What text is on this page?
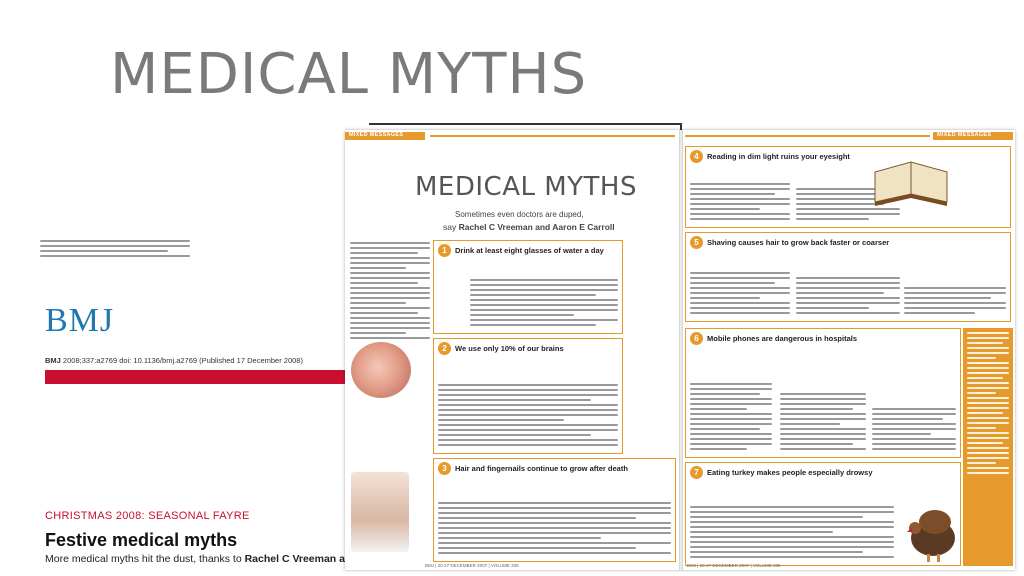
MEDICAL MYTHS
BMJ
BMJ 2008;337:a2769 doi: 10.1136/bmj.a2769 (Published 17 December 2008)
CHRISTMAS 2008: SEASONAL FAYRE
Festive medical myths
More medical myths hit the dust, thanks to Rachel C Vreeman a
MIXED MESSAGES
MEDICAL MYTHS
Sometimes even doctors are duped,
say Rachel C Vreeman and Aaron E Carroll
1	Drink at least eight glasses of water a day
2	We use only 10% of our brains
3	Hair and fingernails continue to grow after death
BMJ | 20-27 DECEMBER 2007 | VOLUME 335
MIXED MESSAGES
4	Reading in dim light ruins your eyesight
5	Shaving causes hair to grow back faster or coarser
6	Mobile phones are dangerous in hospitals
7	Eating turkey makes people especially drowsy
BMJ | 20-27 DECEMBER 2007 | VOLUME 335
